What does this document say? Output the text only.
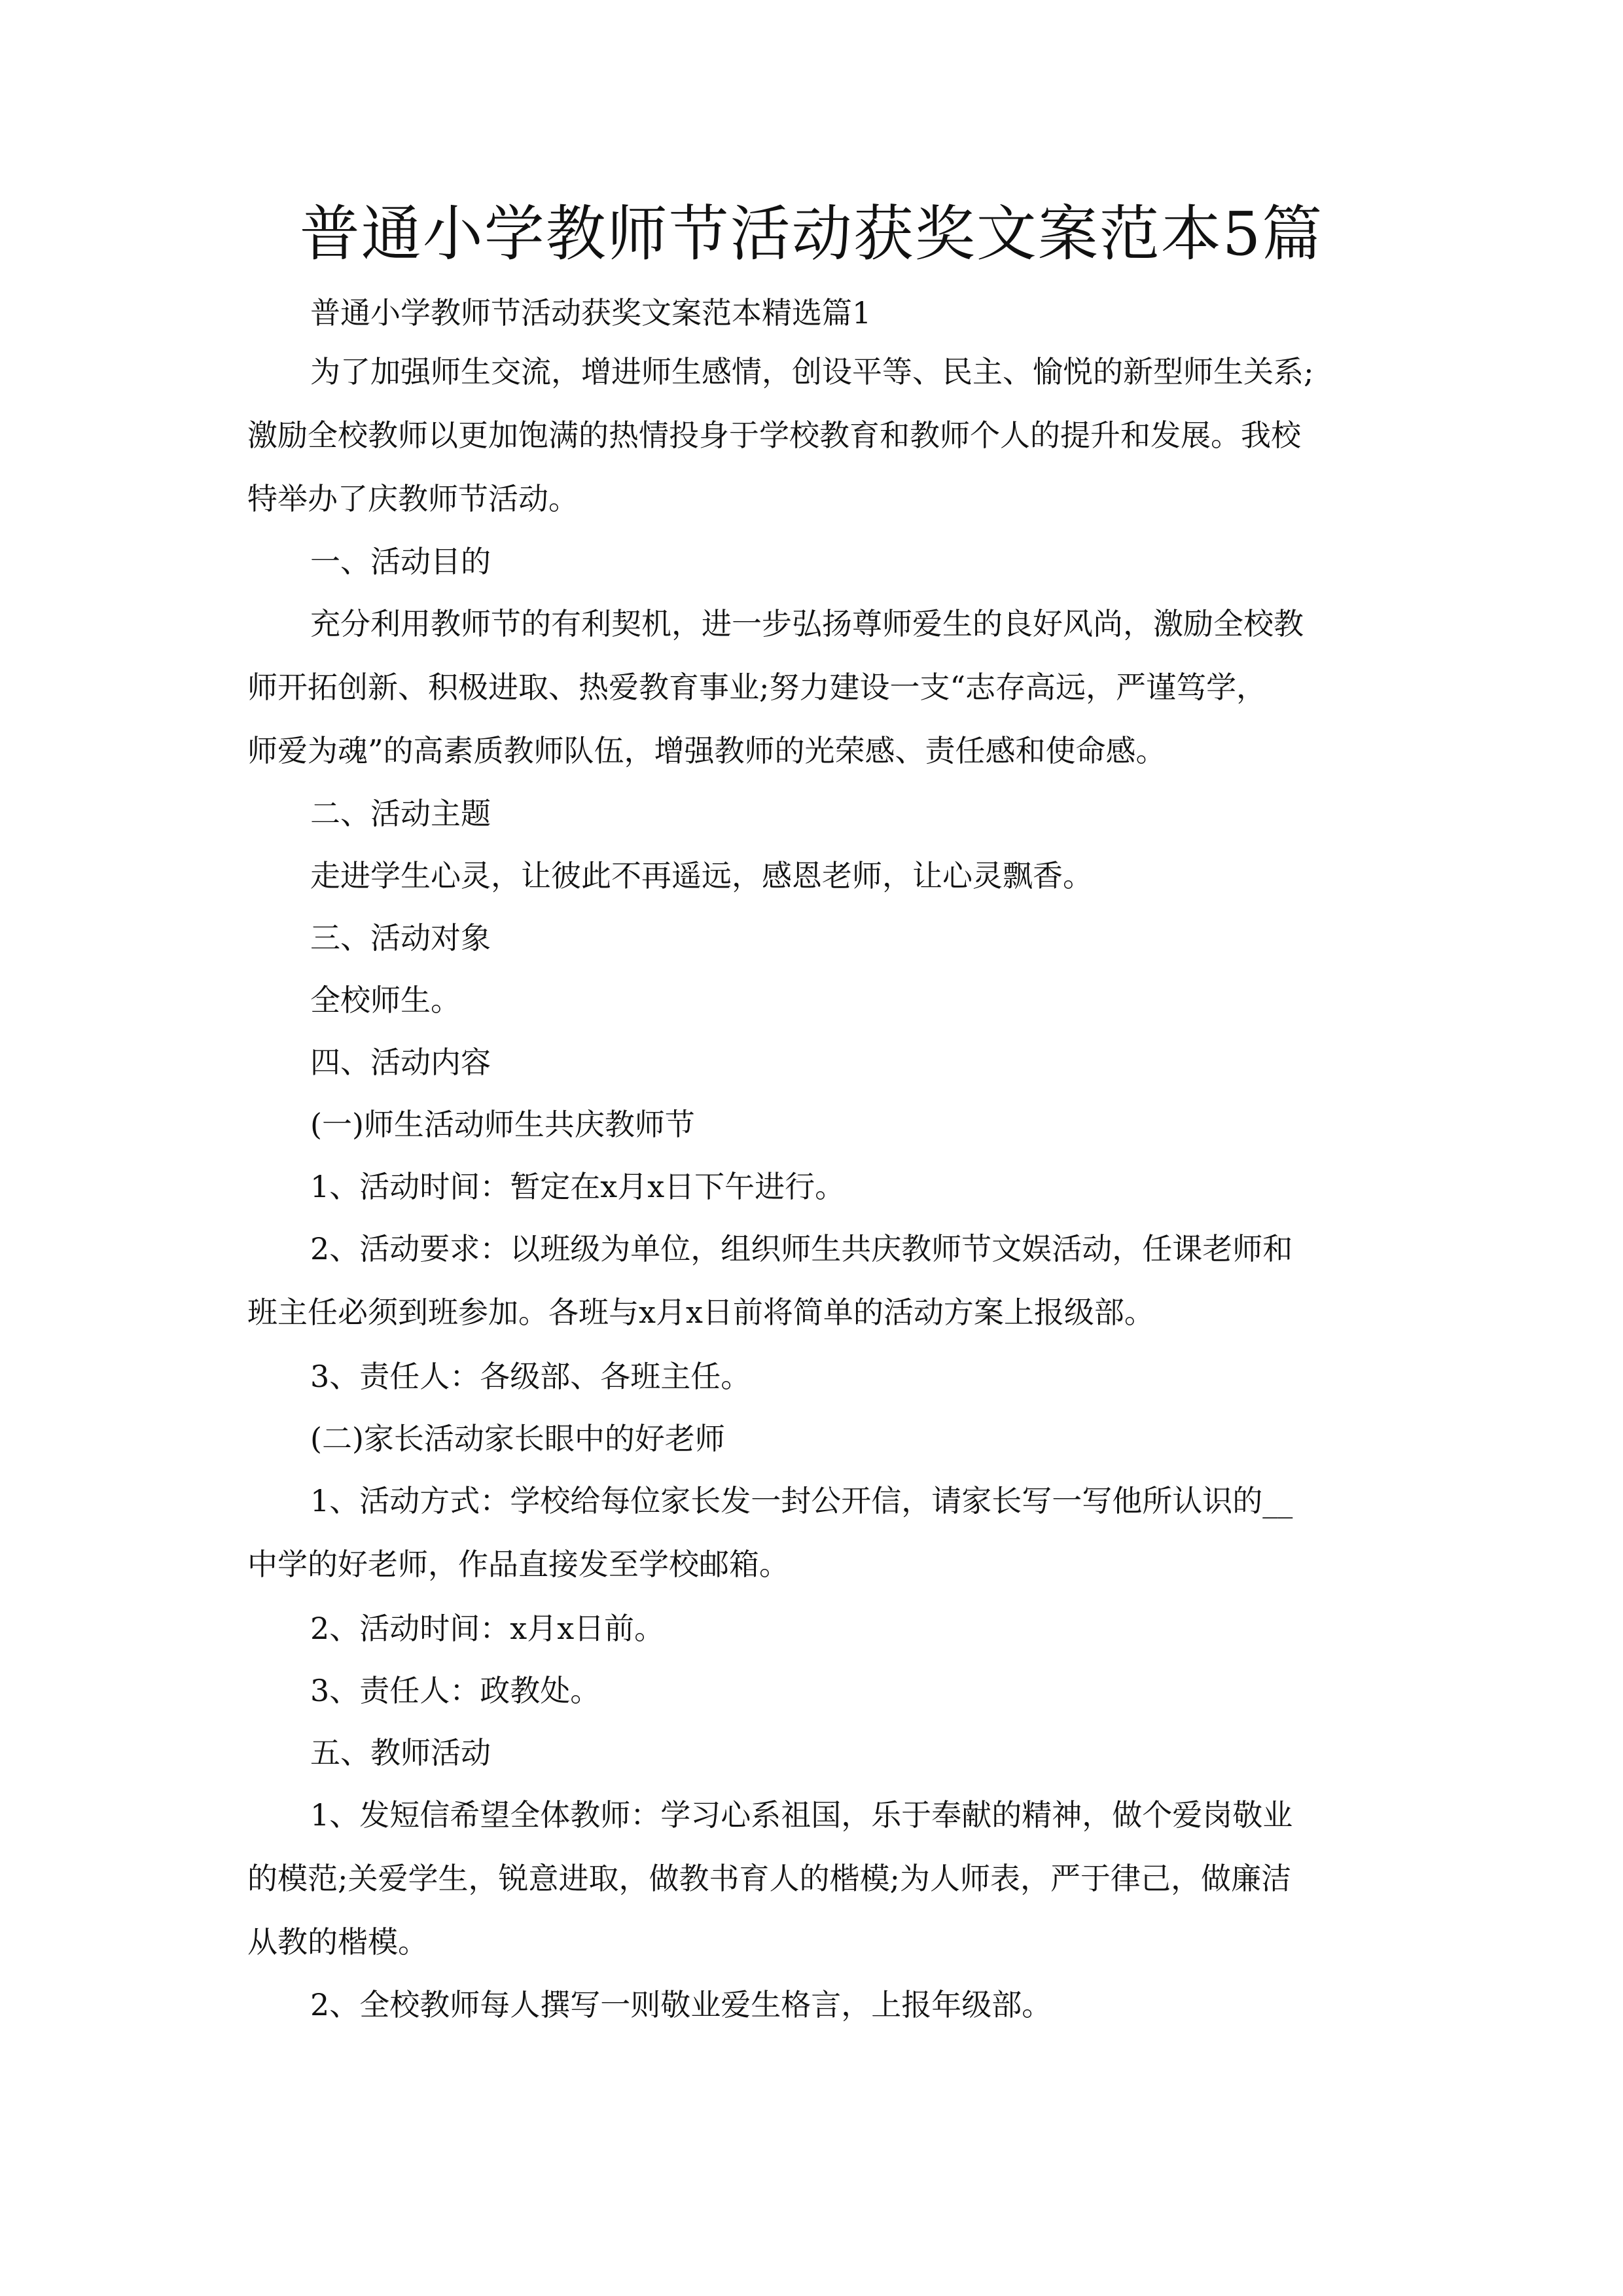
普通小学教师节活动获奖文案范本5篇
普通小学教师节活动获奖文案范本精选篇1
为了加强师生交流，增进师生感情，创设平等、民主、愉悦的新型师生关系;
激励全校教师以更加饱满的热情投身于学校教育和教师个人的提升和发展。我校
特举办了庆教师节活动。
一、活动目的
充分利用教师节的有利契机，进一步弘扬尊师爱生的良好风尚，激励全校教
师开拓创新、积极进取、热爱教育事业;努力建设一支“志存高远，严谨笃学，
师爱为魂”的高素质教师队伍，增强教师的光荣感、责任感和使命感。
二、活动主题
走进学生心灵，让彼此不再遥远，感恩老师，让心灵飘香。
三、活动对象
全校师生。
四、活动内容
(一)师生活动师生共庆教师节
1、活动时间：暂定在x月x日下午进行。
2、活动要求：以班级为单位，组织师生共庆教师节文娱活动，任课老师和
班主任必须到班参加。各班与x月x日前将简单的活动方案上报级部。
3、责任人：各级部、各班主任。
(二)家长活动家长眼中的好老师
1、活动方式：学校给每位家长发一封公开信，请家长写一写他所认识的__
中学的好老师，作品直接发至学校邮箱。
2、活动时间：x月x日前。
3、责任人：政教处。
五、教师活动
1、发短信希望全体教师：学习心系祖国，乐于奉献的精神，做个爱岗敬业
的模范;关爱学生，锐意进取，做教书育人的楷模;为人师表，严于律己，做廉洁
从教的楷模。
2、全校教师每人撰写一则敬业爱生格言，上报年级部。
